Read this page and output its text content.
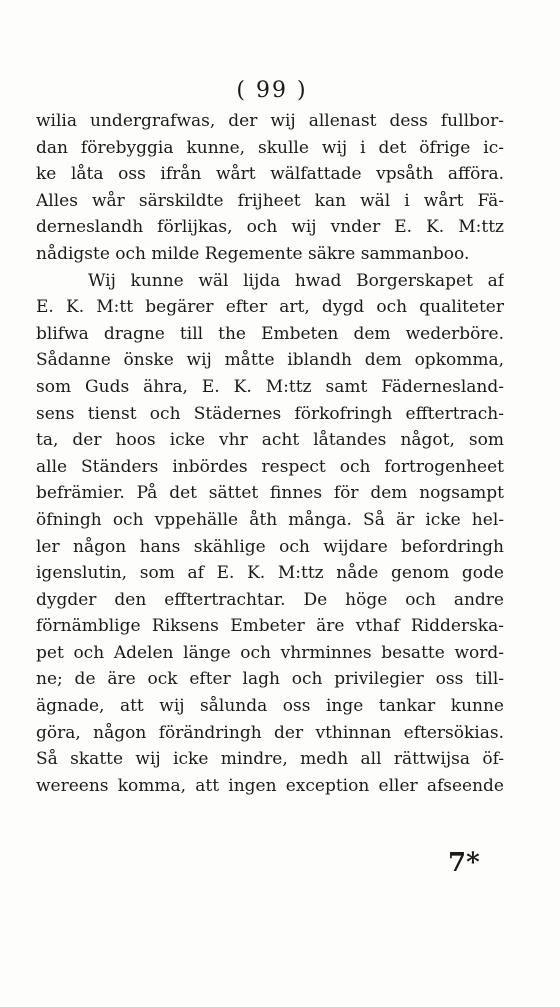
( 99 )
wilia undergrafwas, der wij allenast dess fullbor-
dan förebyggia kunne, skulle wij i det öfrige ic-
ke låta oss ifrån wårt wälfattade vpsåth afföra.
Alles wår särskildte frijheet kan wäl i wårt Fä-
derneslandh förlijkas, och wij vnder E. K. M:ttz
nådigste och milde Regemente säkre sammanboo.
Wij kunne wäl lijda hwad Borgerskapet af
E. K. M:tt begärer efter art, dygd och qualiteter
blifwa dragne till the Embeten dem wederböre.
Sådanne önske wij måtte iblandh dem opkomma,
som Guds ähra, E. K. M:ttz samt Fädernesland-
sens tienst och Städernes förkofringh efftertrach-
ta, der hoos icke vhr acht låtandes något, som
alle Ständers inbördes respect och fortrogenheet
befrämier. På det sättet finnes för dem nogsampt
öfningh och vppehälle åth många. Så är icke hel-
ler någon hans skählige och wijdare befordringh
igenslutin, som af E. K. M:ttz nåde genom gode
dygder den efftertrachtar. De höge och andre
förnämblige Riksens Embeter äre vthaf Ridderska-
pet och Adelen länge och vhrminnes besatte word-
ne; de äre ock efter lagh och privilegier oss till-
ägnade, att wij sålunda oss inge tankar kunne
göra, någon förändringh der vthinnan eftersökias.
Så skatte wij icke mindre, medh all rättwijsa öf-
wereens komma, att ingen exception eller afseende
7*
